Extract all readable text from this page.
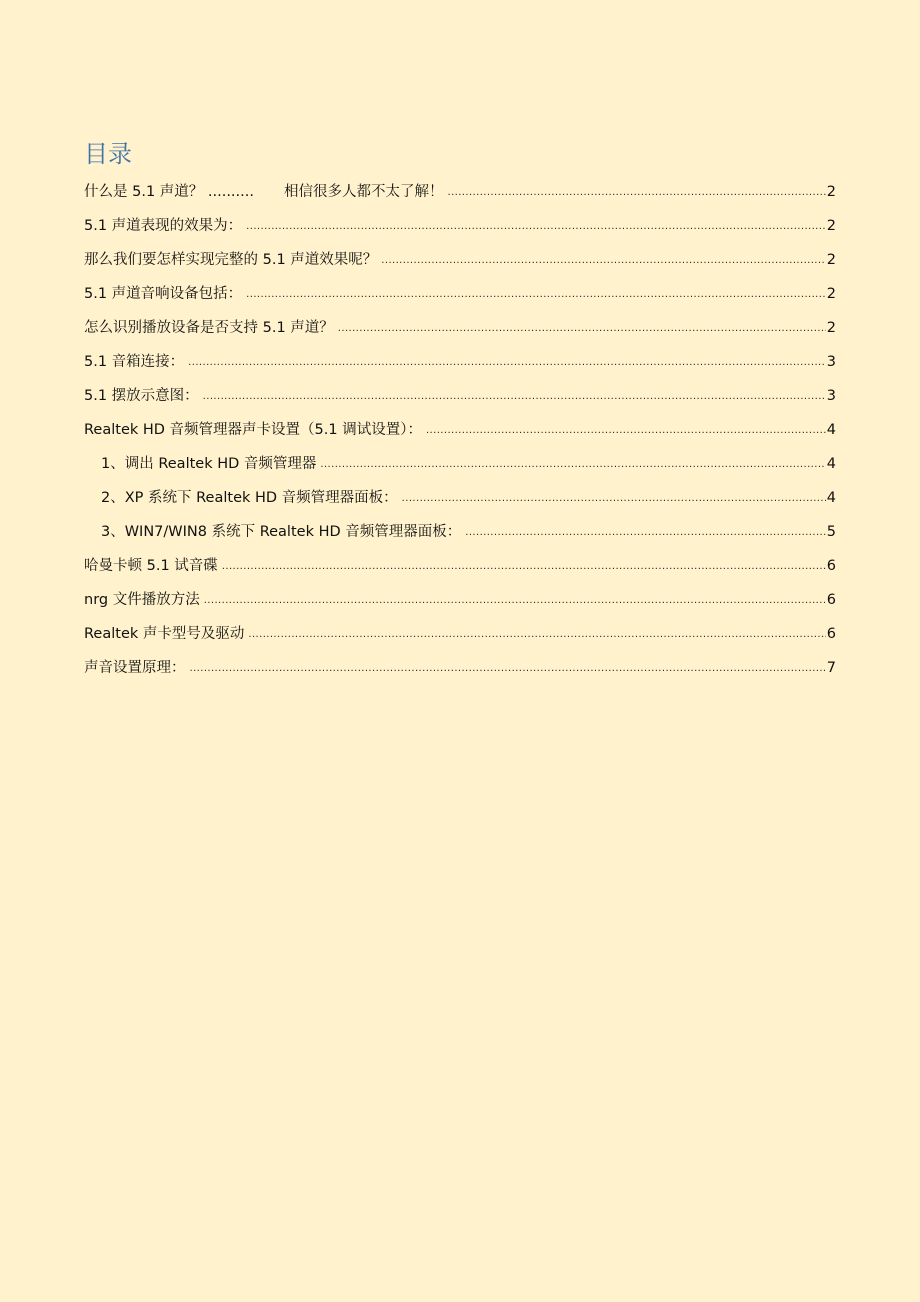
目录
什么是 5.1 声道？ .......... 相信很多人都不太了解！ .....	2
5.1 声道表现的效果为： .....	2
那么我们要怎样实现完整的 5.1 声道效果呢？ .....	2
5.1 声道音响设备包括： .....	2
怎么识别播放设备是否支持 5.1 声道？ .....	2
5.1 音箱连接： .....	3
5.1 摆放示意图： .....	3
Realtek HD 音频管理器声卡设置（5.1 调试设置）： .....	4
1、调出 Realtek HD 音频管理器 .....	4
2、XP 系统下 Realtek HD 音频管理器面板： .....	4
3、WIN7/WIN8 系统下 Realtek HD 音频管理器面板： .....	5
哈曼卡顿 5.1 试音碟 .....	6
nrg 文件播放方法 .....	6
Realtek 声卡型号及驱动 .....	6
声音设置原理： .....	7
